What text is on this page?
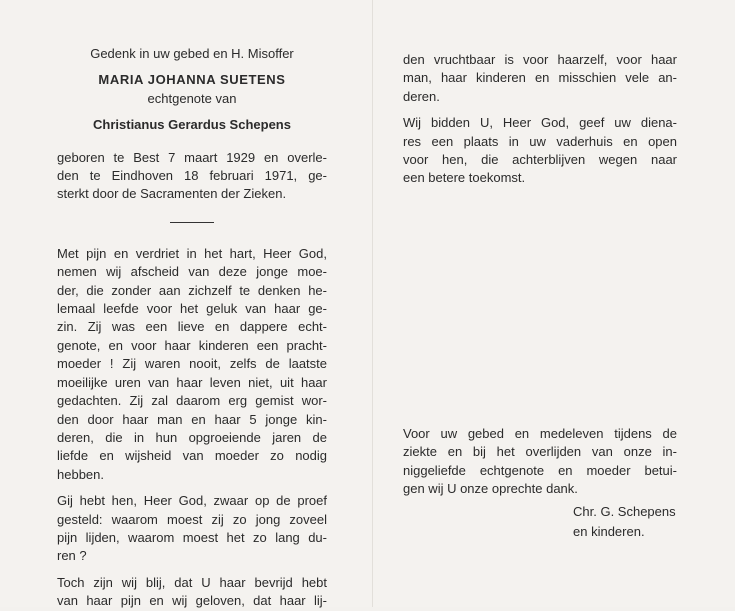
Gedenk in uw gebed en H. Misoffer
MARIA JOHANNA SUETENS
echtgenote van
Christianus Gerardus Schepens
geboren te Best 7 maart 1929 en overle-
den te Eindhoven 18 februari 1971, ge-
sterkt door de Sacramenten der Zieken.
Met pijn en verdriet in het hart, Heer God,
nemen wij afscheid van deze jonge moe-
der, die zonder aan zichzelf te denken he-
lemaal leefde voor het geluk van haar ge-
zin. Zij was een lieve en dappere echt-
genote, en voor haar kinderen een pracht-
moeder ! Zij waren nooit, zelfs de laatste
moeilijke uren van haar leven niet, uit haar
gedachten. Zij zal daarom erg gemist wor-
den door haar man en haar 5 jonge kin-
deren, die in hun opgroeiende jaren de
liefde en wijsheid van moeder zo nodig
hebben.
Gij hebt hen, Heer God, zwaar op de proef
gesteld: waarom moest zij zo jong zoveel
pijn lijden, waarom moest het zo lang du-
ren ?
Toch zijn wij blij, dat U haar bevrijd hebt
van haar pijn en wij geloven, dat haar lij-
den vruchtbaar is voor haarzelf, voor haar
man, haar kinderen en misschien vele an-
deren.
Wij bidden U, Heer God, geef uw diena-
res een plaats in uw vaderhuis en open
voor hen, die achterblijven wegen naar
een betere toekomst.
Voor uw gebed en medeleven tijdens de
ziekte en bij het overlijden van onze in-
niggeliefde echtgenote en moeder betui-
gen wij U onze oprechte dank.
Chr. G. Schepens
en kinderen.
